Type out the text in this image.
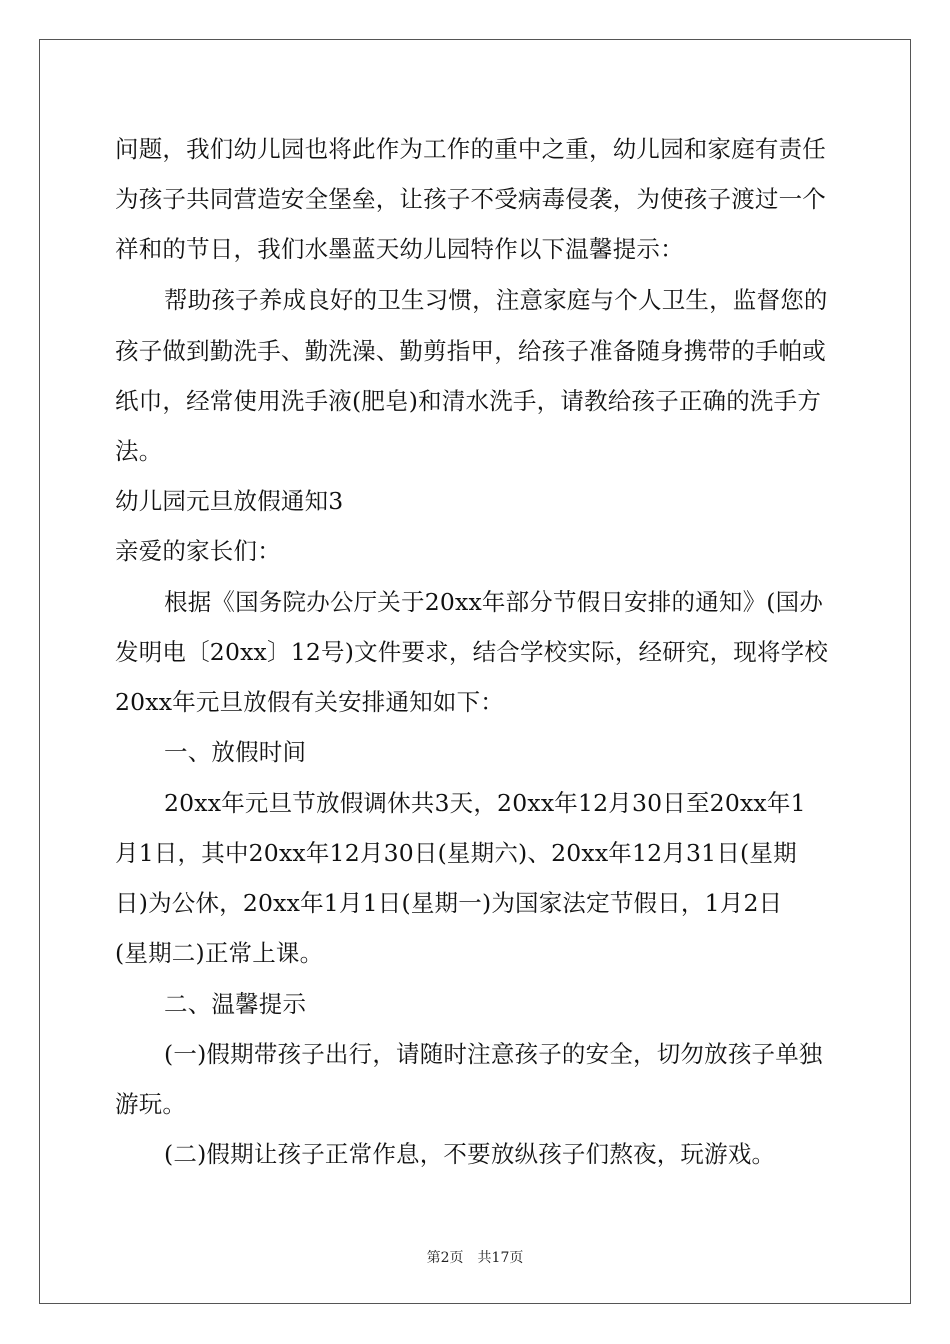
问题，我们幼儿园也将此作为工作的重中之重，幼儿园和家庭有责任
为孩子共同营造安全堡垒，让孩子不受病毒侵袭，为使孩子渡过一个
祥和的节日，我们水墨蓝天幼儿园特作以下温馨提示：
帮助孩子养成良好的卫生习惯，注意家庭与个人卫生，监督您的
孩子做到勤洗手、勤洗澡、勤剪指甲，给孩子准备随身携带的手帕或
纸巾，经常使用洗手液(肥皂)和清水洗手，请教给孩子正确的洗手方
法。
幼儿园元旦放假通知3
亲爱的家长们：
根据《国务院办公厅关于20xx年部分节假日安排的通知》(国办
发明电〔20xx〕12号)文件要求，结合学校实际，经研究，现将学校
20xx年元旦放假有关安排通知如下：
一、放假时间
20xx年元旦节放假调休共3天，20xx年12月30日至20xx年1
月1日，其中20xx年12月30日(星期六)、20xx年12月31日(星期
日)为公休，20xx年1月1日(星期一)为国家法定节假日，1月2日
(星期二)正常上课。
二、温馨提示
(一)假期带孩子出行，请随时注意孩子的安全，切勿放孩子单独
游玩。
(二)假期让孩子正常作息，不要放纵孩子们熬夜，玩游戏。
第2页 共17页
